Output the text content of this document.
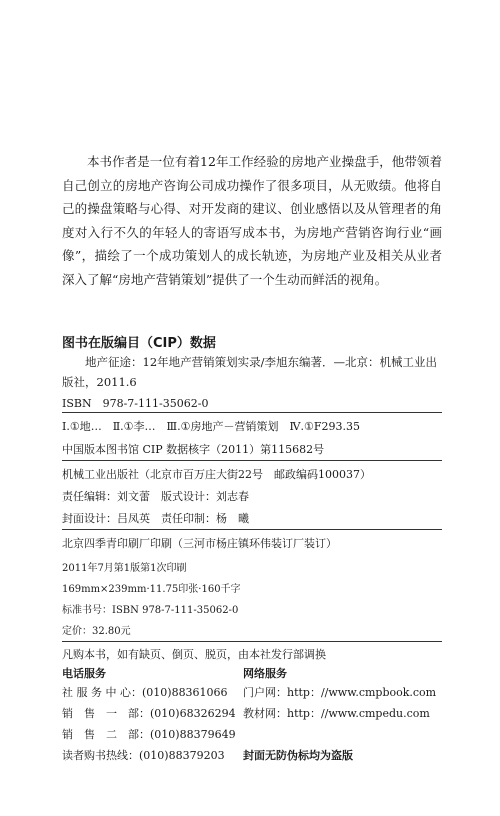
本书作者是一位有着12年工作经验的房地产业操盘手，他带领着自己创立的房地产咨询公司成功操作了很多项目，从无败绩。他将自己的操盘策略与心得、对开发商的建议、创业感悟以及从管理者的角度对入行不久的年轻人的寄语写成本书，为房地产营销咨询行业“画像”，描绘了一个成功策划人的成长轨迹，为房地产业及相关从业者深入了解“房地产营销策划”提供了一个生动而鲜活的视角。

图书在版编目（CIP）数据

地产征途：12年地产营销策划实录/李旭东编著．—北京：机械工业出版社，2011.6

ISBN　978-7-111-35062-0
Ⅰ.①地…　Ⅱ.①李…　Ⅲ.①房地产－营销策划　Ⅳ.①F293.35
中国版本图书馆 CIP 数据核字（2011）第115682号
机械工业出版社（北京市百万庄大街22号　邮政编码100037）
责任编辑：刘文蕾　版式设计：刘志春
封面设计：吕凤英　责任印制：杨　曦
北京四季青印刷厂印刷（三河市杨庄镇环伟装订厂装订）
2011年7月第1版第1次印刷
169mm×239mm·11.75印张·160千字
标准书号：ISBN 978-7-111-35062-0
定价：32.80元
凡购本书，如有缺页、倒页、脱页，由本社发行部调换
电话服务	网络服务
社 服 务 中 心：(010)88361066
销　售　一　部：(010)68326294
销　售　二　部：(010)88379649
读者购书热线：(010)88379203
门户网：http：//www.cmpbook.com
教材网：http：//www.cmpedu.com
封面无防伪标均为盗版
